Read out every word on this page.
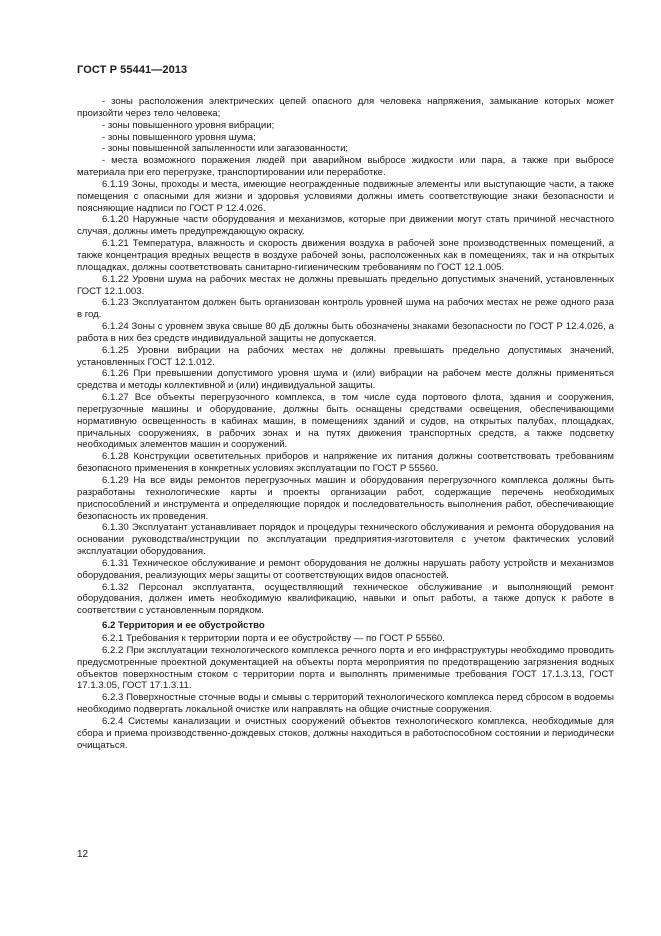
ГОСТ Р 55441—2013

- зоны расположения электрических цепей опасного для человека напряжения, замыкание которых может произойти через тело человека;

- зоны повышенного уровня вибрации;

- зоны повышенного уровня шума;

- зоны повышенной запыленности или загазованности;

- места возможного поражения людей при аварийном выбросе жидкости или пара, а также при выбросе материала при его перегрузке, транспортировании или переработке.

6.1.19 Зоны, проходы и места, имеющие неогражденные подвижные элементы или выступающие части, а также помещения с опасными для жизни и здоровья условиями должны иметь соответствующие знаки безопасности и поясняющие надписи по ГОСТ Р 12.4.026.

6.1.20 Наружные части оборудования и механизмов, которые при движении могут стать причиной несчастного случая, должны иметь предупреждающую окраску.

6.1.21 Температура, влажность и скорость движения воздуха в рабочей зоне производственных помещений, а также концентрация вредных веществ в воздухе рабочей зоны, расположенных как в помещениях, так и на открытых площадках, должны соответствовать санитарно-гигиеническим требованиям по ГОСТ 12.1.005.

6.1.22 Уровни шума на рабочих местах не должны превышать предельно допустимых значений, установленных ГОСТ 12.1.003.

6.1.23 Эксплуатантом должен быть организован контроль уровней шума на рабочих местах не реже одного раза в год.

6.1.24 Зоны с уровнем звука свыше 80 дБ должны быть обозначены знаками безопасности по ГОСТ Р 12.4.026, а работа в них без средств индивидуальной защиты не допускается.

6.1.25 Уровни вибрации на рабочих местах не должны превышать предельно допустимых значений, установленных ГОСТ 12.1.012.

6.1.26 При превышении допустимого уровня шума и (или) вибрации на рабочем месте должны применяться средства и методы коллективной и (или) индивидуальной защиты.

6.1.27 Все объекты перегрузочного комплекса, в том числе суда портового флота, здания и сооружения, перегрузочные машины и оборудование, должны быть оснащены средствами освещения, обеспечивающими нормативную освещенность в кабинах машин, в помещениях зданий и судов, на открытых палубах, площадках, причальных сооружениях, в рабочих зонах и на путях движения транспортных средств, а также подсветку необходимых элементов машин и сооружений.

6.1.28 Конструкции осветительных приборов и напряжение их питания должны соответствовать требованиям безопасного применения в конкретных условиях эксплуатации по ГОСТ Р 55560.

6.1.29 На все виды ремонтов перегрузочных машин и оборудования перегрузочного комплекса должны быть разработаны технологические карты и проекты организации работ, содержащие перечень необходимых приспособлений и инструмента и определяющие порядок и последовательность выполнения работ, обеспечивающие безопасность их проведения.

6.1.30 Эксплуатант устанавливает порядок и процедуры технического обслуживания и ремонта оборудования на основании руководства/инструкции по эксплуатации предприятия-изготовителя с учетом фактических условий эксплуатации оборудования.

6.1.31 Техническое обслуживание и ремонт оборудования не должны нарушать работу устройств и механизмов оборудования, реализующих меры защиты от соответствующих видов опасностей.

6.1.32 Персонал эксплуатанта, осуществляющий техническое обслуживание и выполняющий ремонт оборудования, должен иметь необходимую квалификацию, навыки и опыт работы, а также допуск к работе в соответствии с установленным порядком.

6.2 Территория и ее обустройство

6.2.1 Требования к территории порта и ее обустройству — по ГОСТ Р 55560.

6.2.2 При эксплуатации технологического комплекса речного порта и его инфраструктуры необходимо проводить предусмотренные проектной документацией на объекты порта мероприятия по предотвращению загрязнения водных объектов поверхностным стоком с территории порта и выполнять применимые требования ГОСТ 17.1.3.13, ГОСТ 17.1.3.05, ГОСТ 17.1.3.11.

6.2.3 Поверхностные сточные воды и смывы с территорий технологического комплекса перед сбросом в водоемы необходимо подвергать локальной очистке или направлять на общие очистные сооружения.

6.2.4 Системы канализации и очистных сооружений объектов технологического комплекса, необходимые для сбора и приема производственно-дождевых стоков, должны находиться в работоспособном состоянии и периодически очищаться.

12
